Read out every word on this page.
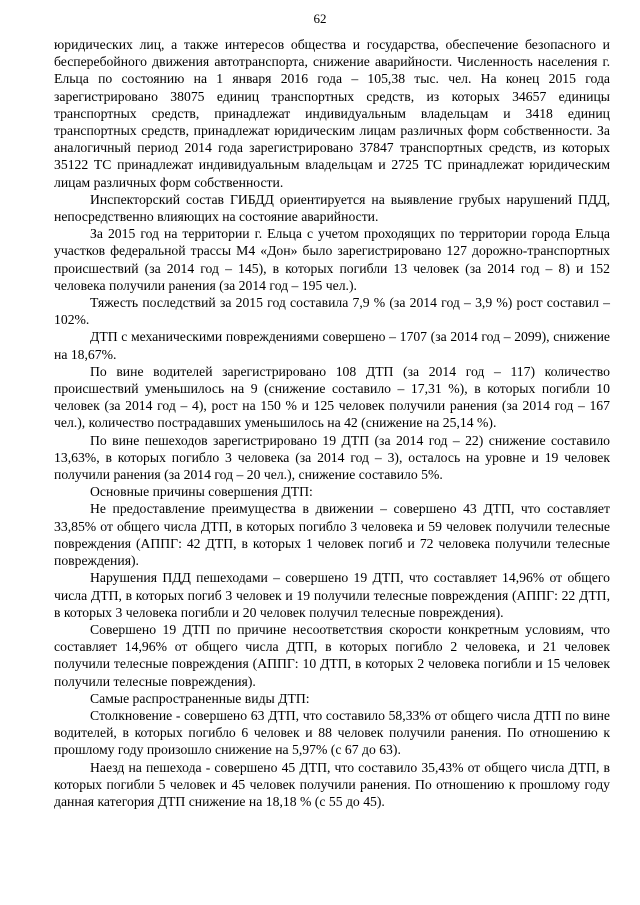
62

юридических лиц, а также интересов общества и государства, обеспечение безопасного и бесперебойного движения автотранспорта, снижение аварийности. Численность населения г. Ельца по состоянию на 1 января 2016 года – 105,38 тыс. чел. На конец 2015 года зарегистрировано 38075 единиц транспортных средств, из которых 34657 единицы транспортных средств, принадлежат индивидуальным владельцам и 3418 единиц транспортных средств, принадлежат юридическим лицам различных форм собственности. За аналогичный период 2014 года зарегистрировано 37847 транспортных средств, из которых 35122 ТС принадлежат индивидуальным владельцам и 2725 ТС принадлежат юридическим лицам различных форм собственности.

Инспекторский состав ГИБДД ориентируется на выявление грубых нарушений ПДД, непосредственно влияющих на состояние аварийности.

За 2015 год на территории г. Ельца с учетом проходящих по территории города Ельца участков федеральной трассы М4 «Дон» было зарегистрировано 127 дорожно-транспортных происшествий (за 2014 год – 145), в которых погибли 13 человек (за 2014 год – 8) и 152 человека получили ранения (за 2014 год – 195 чел.).

Тяжесть последствий за 2015 год составила 7,9 % (за 2014 год – 3,9 %) рост составил – 102%.

ДТП с механическими повреждениями совершено – 1707 (за 2014 год – 2099), снижение на 18,67%.

По вине водителей зарегистрировано 108 ДТП (за 2014 год – 117) количество происшествий уменьшилось на 9 (снижение составило – 17,31 %), в которых погибли 10 человек (за 2014 год – 4), рост на 150 % и 125 человек получили ранения (за 2014 год – 167 чел.), количество пострадавших уменьшилось на 42 (снижение на 25,14 %).

По вине пешеходов зарегистрировано 19 ДТП (за 2014 год – 22) снижение составило 13,63%, в которых погибло 3 человека (за 2014 год – 3), осталось на уровне и 19 человек получили ранения (за 2014 год – 20 чел.), снижение составило 5%.

Основные причины совершения ДТП:

Не предоставление преимущества в движении – совершено 43 ДТП, что составляет 33,85% от общего числа ДТП, в которых погибло 3 человека и 59 человек получили телесные повреждения (АППГ: 42 ДТП, в которых 1 человек погиб и 72 человека получили телесные повреждения).

Нарушения ПДД пешеходами – совершено 19 ДТП, что составляет 14,96% от общего числа ДТП, в которых погиб 3 человек и 19 получили телесные повреждения (АППГ: 22 ДТП, в которых 3 человека погибли и 20 человек получил телесные повреждения).

Совершено 19 ДТП по причине несоответствия скорости конкретным условиям, что составляет 14,96% от общего числа ДТП, в которых погибло 2 человека, и 21 человек получили телесные повреждения (АППГ: 10 ДТП, в которых 2 человека погибли и 15 человек получили телесные повреждения).

Самые распространенные виды ДТП:

Столкновение - совершено 63 ДТП, что составило 58,33% от общего числа ДТП по вине водителей, в которых погибло 6 человек и 88 человек получили ранения. По отношению к прошлому году произошло снижение на 5,97% (с 67 до 63).

Наезд на пешехода - совершено 45 ДТП, что составило 35,43% от общего числа ДТП, в которых погибли 5 человек и 45 человек получили ранения. По отношению к прошлому году данная категория ДТП снижение на 18,18 % (с 55 до 45).
